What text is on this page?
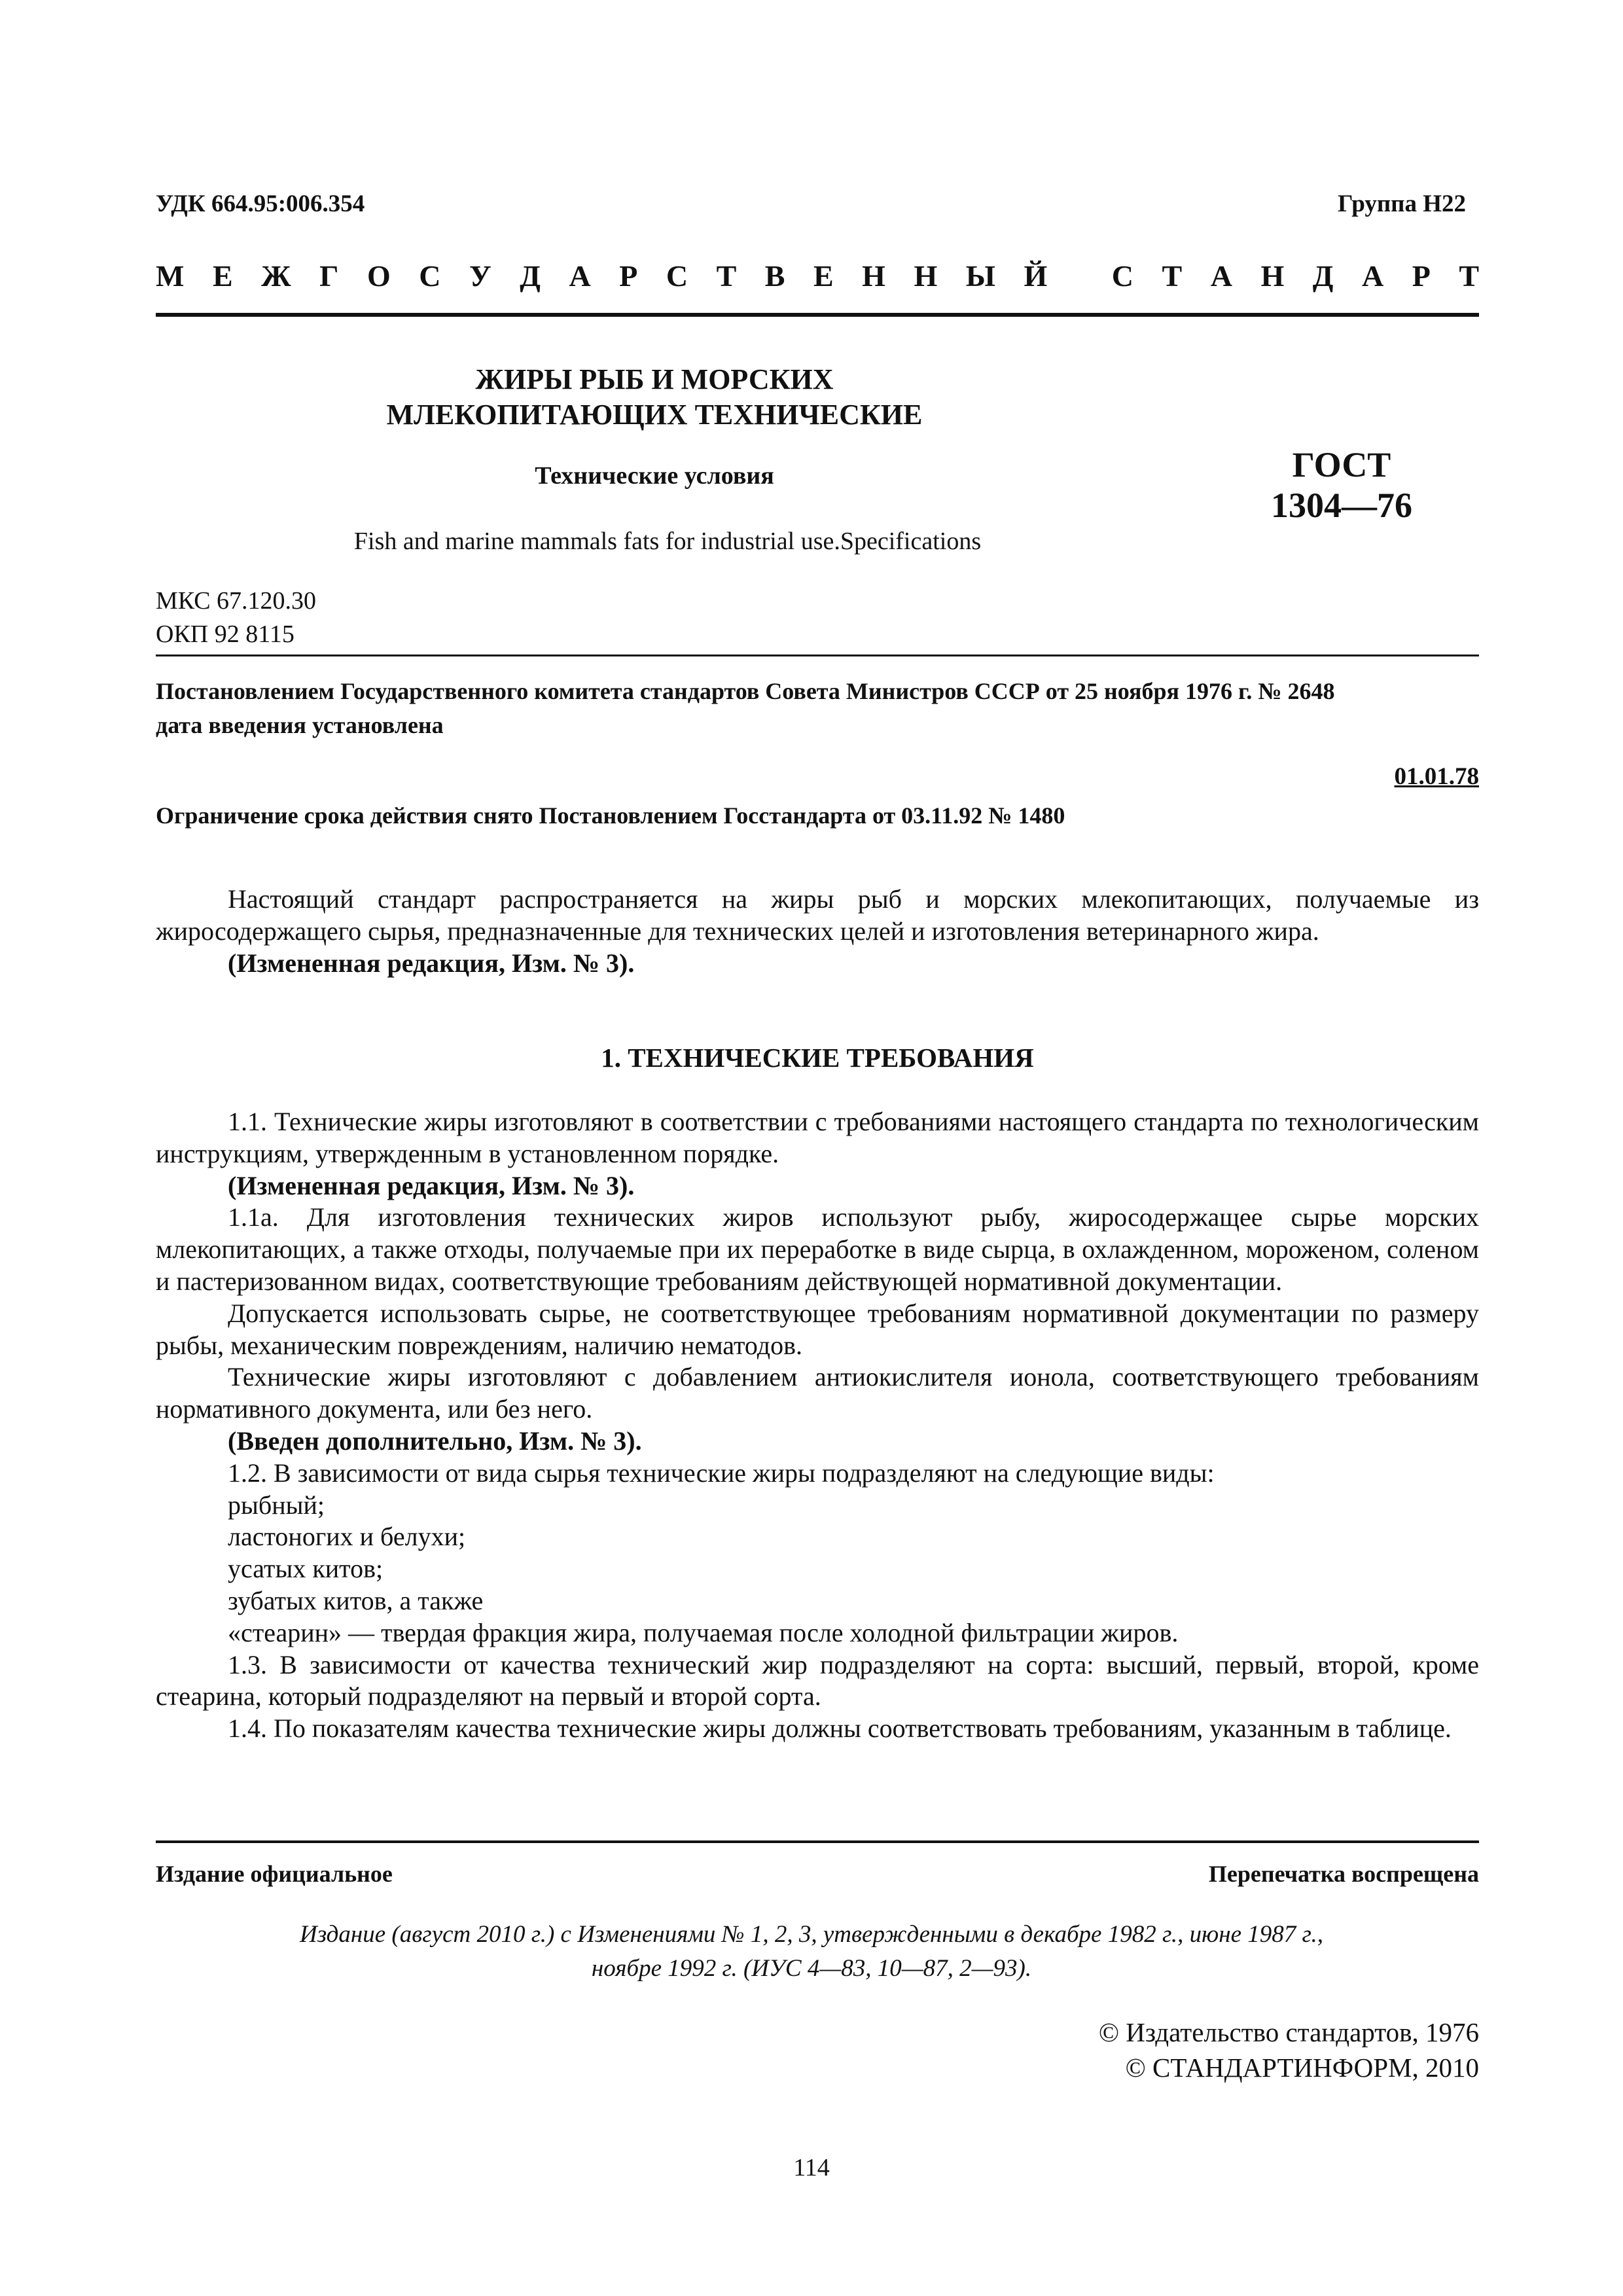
УДК 664.95:006.354	Группа Н22
М Е Ж Г О С У Д А Р С Т В Е Н Н Ы Й
С Т А Н Д А Р Т
ЖИРЫ РЫБ И МОРСКИХ
МЛЕКОПИТАЮЩИХ ТЕХНИЧЕСКИЕ
Технические условия	ГОСТ
1304—76
Fish and marine mammals fats for industrial use.Specifications
МКС 67.120.30
ОКП 92 8115
Постановлением Государственного комитета стандартов Совета Министров СССР от 25 ноября 1976 г. № 2648
дата введения установлена
01.01.78
Ограничение срока действия снято Постановлением Госстандарта от 03.11.92 № 1480

Настоящий стандарт распространяется на жиры рыб и морских млекопитающих, получаемые из жиросодержащего сырья, предназначенные для технических целей и изготовления ветеринарного жира.

(Измененная редакция, Изм. № 3).

1. ТЕХНИЧЕСКИЕ ТРЕБОВАНИЯ

1.1. Технические жиры изготовляют в соответствии с требованиями настоящего стандарта по технологическим инструкциям, утвержденным в установленном порядке.

(Измененная редакция, Изм. № 3).

1.1а. Для изготовления технических жиров используют рыбу, жиросодержащее сырье морских млекопитающих, а также отходы, получаемые при их переработке в виде сырца, в охлажденном, мороженом, соленом и пастеризованном видах, соответствующие требованиям действующей нормативной документации.

Допускается использовать сырье, не соответствующее требованиям нормативной документации по размеру рыбы, механическим повреждениям, наличию нематодов.

Технические жиры изготовляют с добавлением антиокислителя ионола, соответствующего требованиям нормативного документа, или без него.

(Введен дополнительно, Изм. № 3).

1.2. В зависимости от вида сырья технические жиры подразделяют на следующие виды:

рыбный;

ластоногих и белухи;

усатых китов;

зубатых китов, а также

«стеарин» — твердая фракция жира, получаемая после холодной фильтрации жиров.

1.3. В зависимости от качества технический жир подразделяют на сорта: высший, первый, второй, кроме стеарина, который подразделяют на первый и второй сорта.

1.4. По показателям качества технические жиры должны соответствовать требованиям, указанным в таблице.

Издание официальное	Перепечатка воспрещена
Издание (август 2010 г.) с Изменениями № 1, 2, 3, утвержденными в декабре 1982 г., июне 1987 г.,
ноябре 1992 г. (ИУС 4—83, 10—87, 2—93).
© Издательство стандартов, 1976
© СТАНДАРТИНФОРМ, 2010
114
